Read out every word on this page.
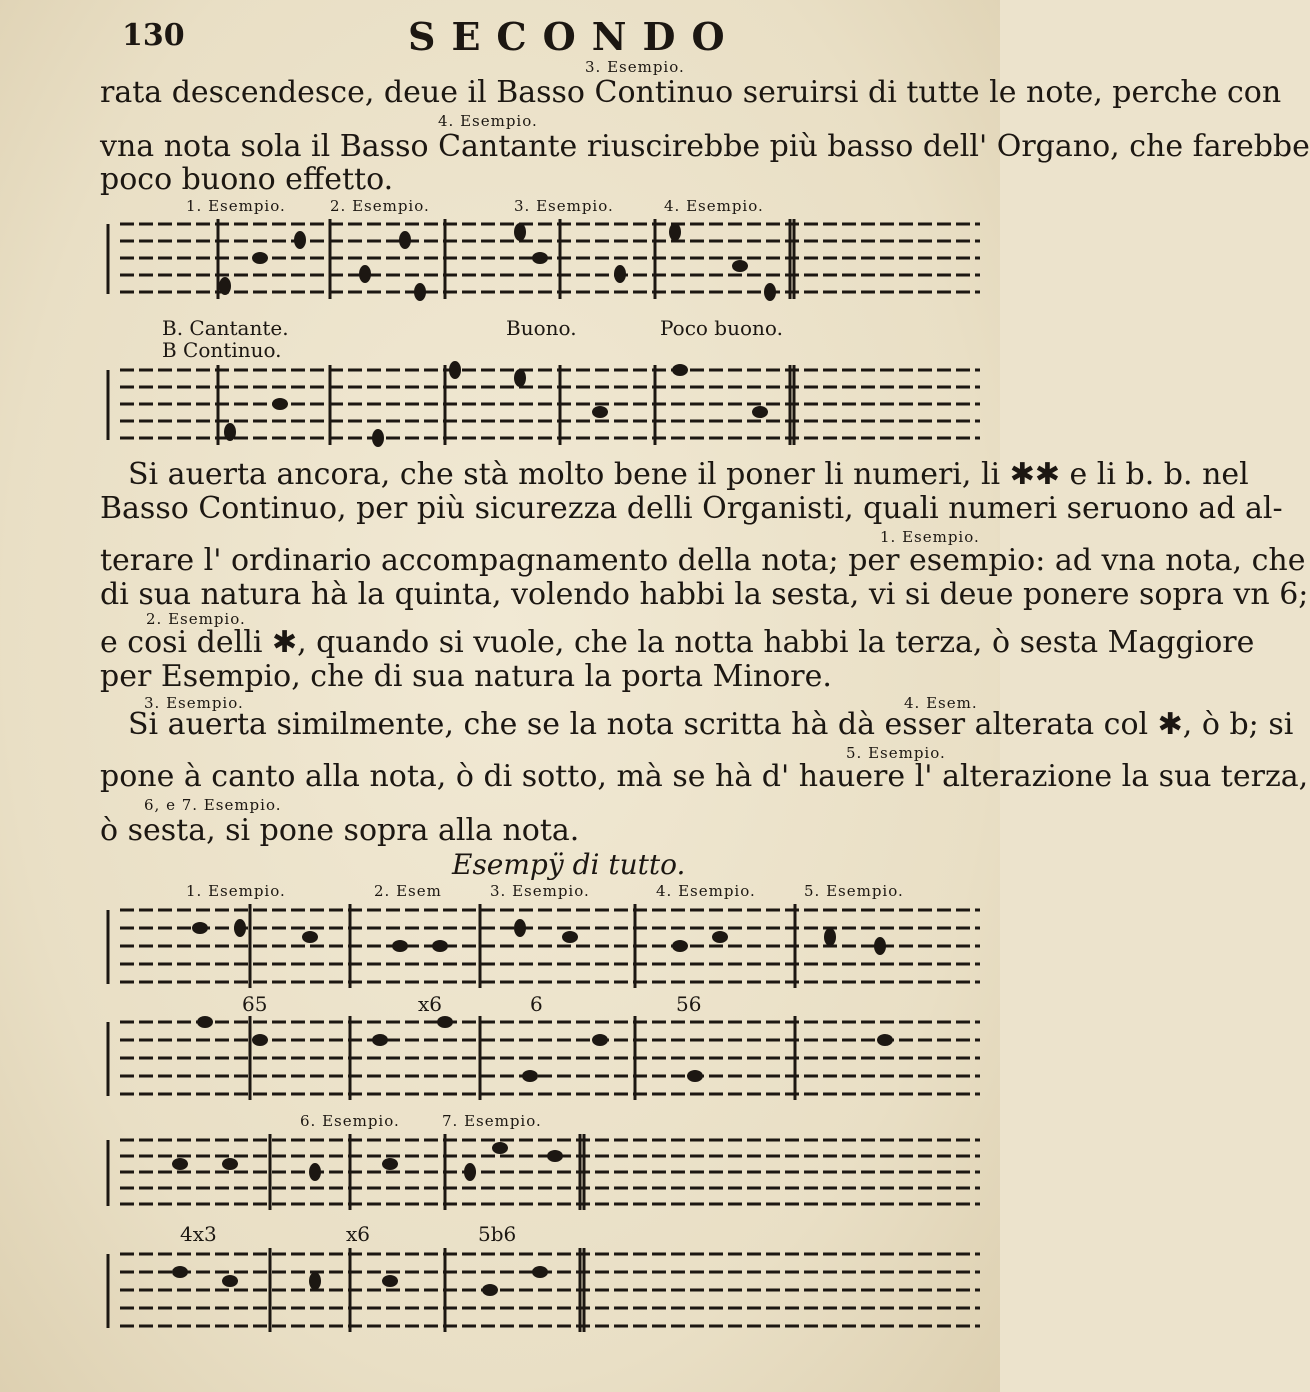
130	SECONDO
3. Esempio.
rata descendesce, deue il Basso Continuo seruirsi di tutte le note, perche con
4. Esempio.
vna nota sola il Basso Cantante riuscirebbe più basso dell' Organo, che farebbe
poco buono effetto.
1. Esempio.	2. Esempio.	3. Esempio.	4. Esempio.
B. Cantante.
B Continuo.
Buono.	Poco buono.
Si auerta ancora, che stà molto bene il poner li numeri, li ✱✱ e li b. b. nel
Basso Continuo, per più sicurezza delli Organisti, quali numeri seruono ad al-
1. Esempio.
terare l' ordinario accompagnamento della nota; per esempio: ad vna nota, che
di sua natura hà la quinta, volendo habbi la sesta, vi si deue ponere sopra vn 6;
2. Esempio.
e cosi delli ✱, quando si vuole, che la notta habbi la terza, ò sesta Maggiore
per Esempio, che di sua natura la porta Minore.
3. Esempio.	4. Esem.
Si auerta similmente, che se la nota scritta hà dà esser alterata col ✱, ò b; si
5. Esempio.
pone à canto alla nota, ò di sotto, mà se hà d' hauere l' alterazione la sua terza,
6, e 7. Esempio.
ò sesta, si pone sopra alla nota.
Esempÿ di tutto.
1. Esempio.	2. Esem	3. Esempio.	4. Esempio.	5. Esempio.
65	x6	6	56
6. Esempio.	7. Esempio.
4x3	x6	5b6
